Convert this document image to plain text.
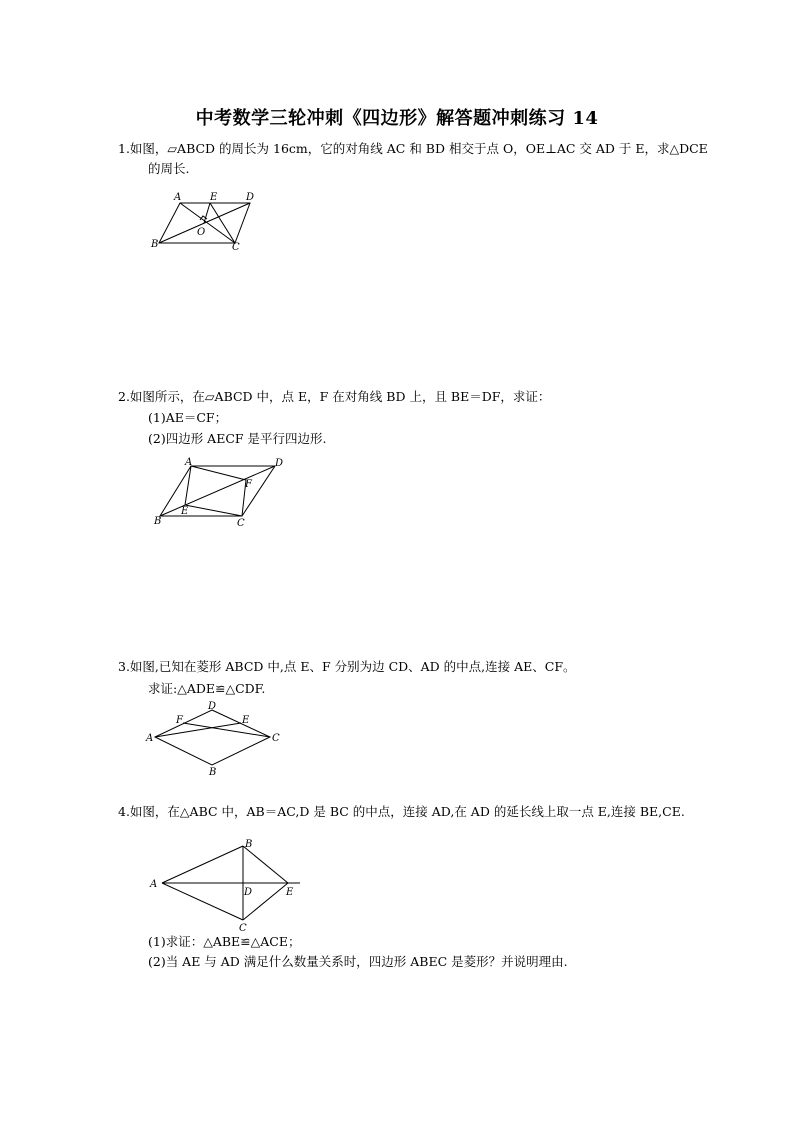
中考数学三轮冲刺《四边形》解答题冲刺练习 14
1.如图，▱ABCD 的周长为 16cm，它的对角线 AC 和 BD 相交于点 O，OE⊥AC 交 AD 于 E，求△DCE
的周长.
A	E	D
O
B	C
2.如图所示，在▱ABCD 中，点 E，F 在对角线 BD 上，且 BE＝DF，求证：
(1)AE＝CF；
(2)四边形 AECF 是平行四边形.
A	D
F
E
B	C
3.如图,已知在菱形 ABCD 中,点 E、F 分别为边 CD、AD 的中点,连接 AE、CF。
求证:△ADE≌△CDF.
D
F	E
A	C
B
4.如图，在△ABC 中，AB＝AC,D 是 BC 的中点，连接 AD,在 AD 的延长线上取一点 E,连接 BE,CE.
B
A
D	E
C
(1)求证：△ABE≌△ACE；
(2)当 AE 与 AD 满足什么数量关系时，四边形 ABEC 是菱形？并说明理由.
